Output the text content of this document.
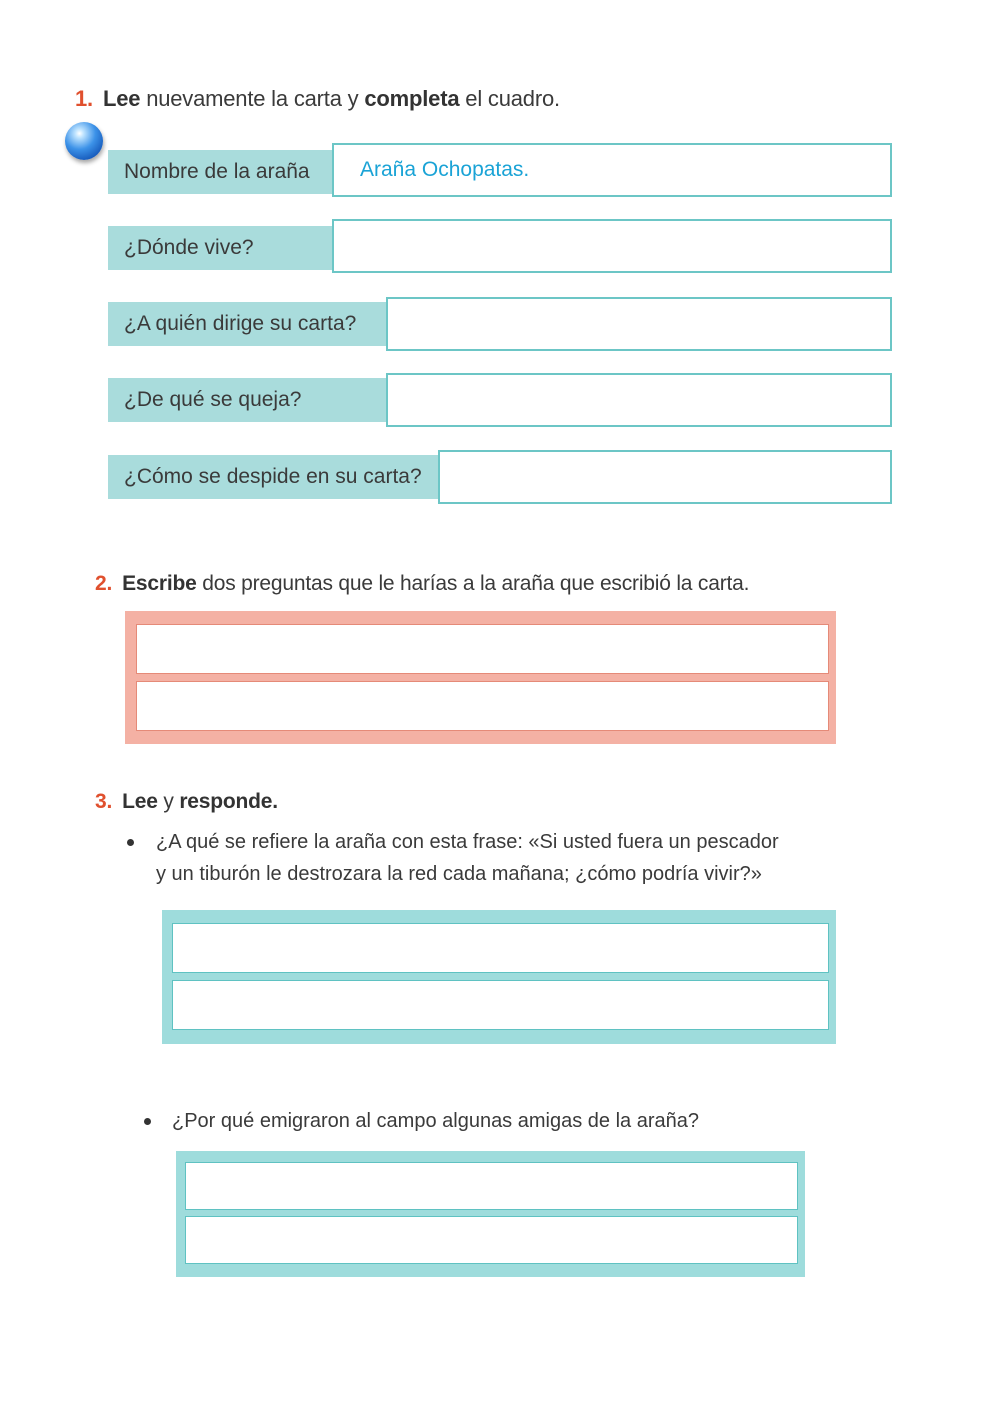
1. Lee nuevamente la carta y completa el cuadro.
Nombre de la araña	Araña Ochopatas.
¿Dónde vive?
¿A quién dirige su carta?
¿De qué se queja?
¿Cómo se despide en su carta?
2. Escribe dos preguntas que le harías a la araña que escribió la carta.
3. Lee y responde.
¿A qué se refiere la araña con esta frase: «Si usted fuera un pescador
y un tiburón le destrozara la red cada mañana; ¿cómo podría vivir?»
¿Por qué emigraron al campo algunas amigas de la araña?
